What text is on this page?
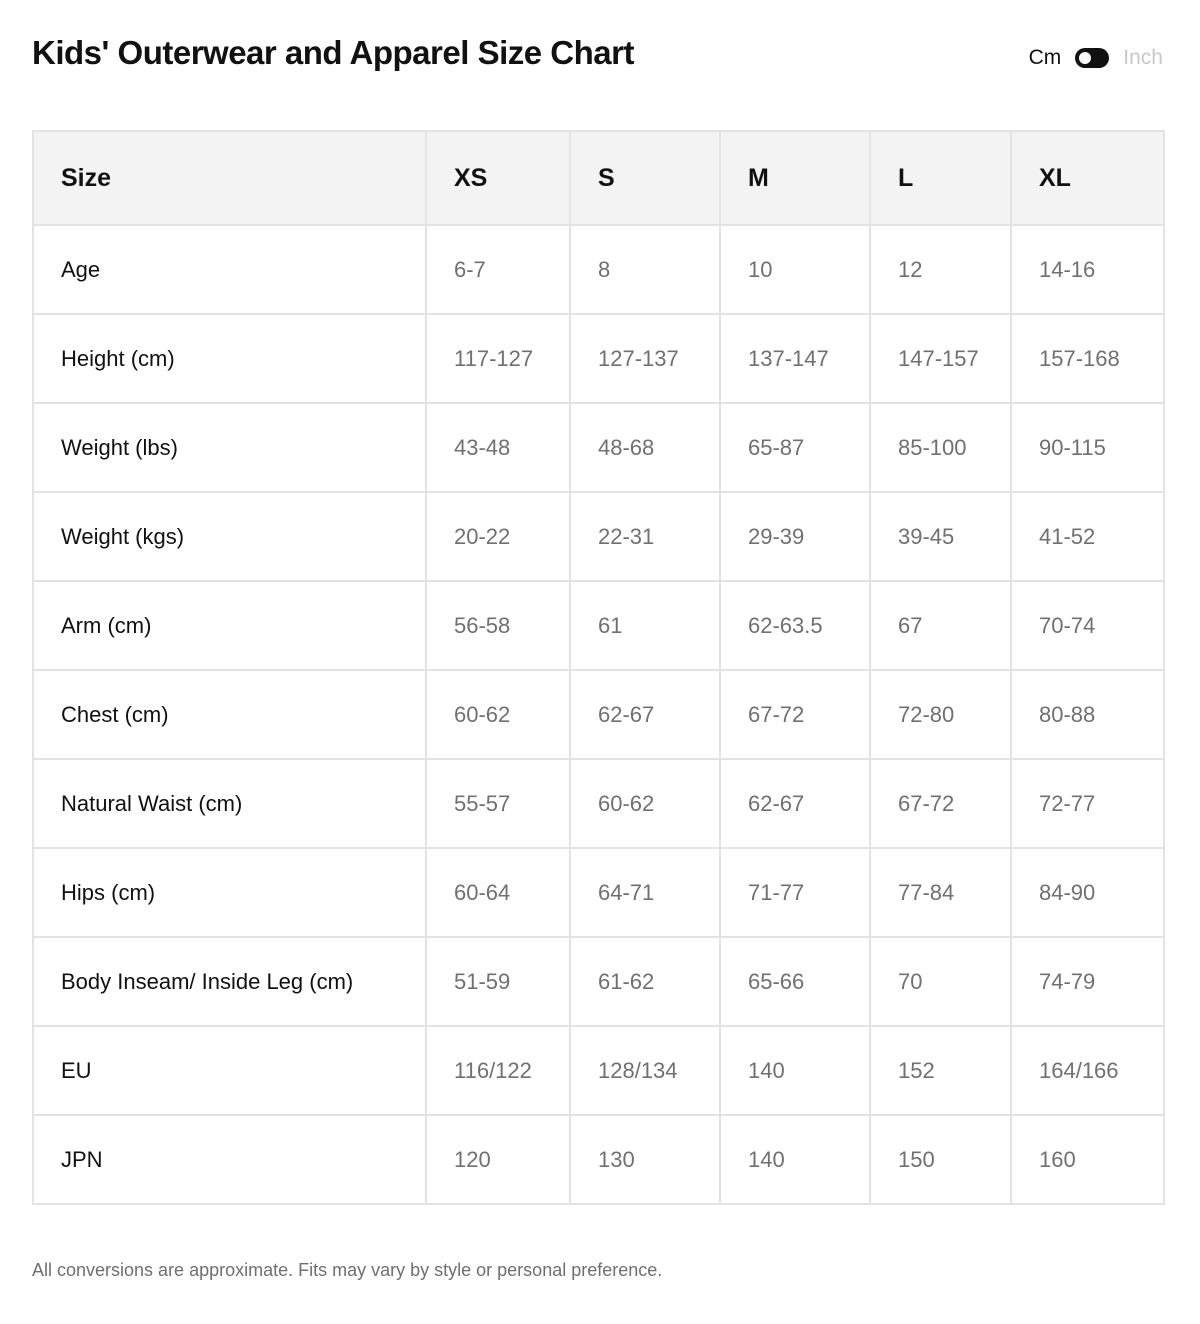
Kids' Outerwear and Apparel Size Chart	Cm	Inch
Size	XS	S	M	L	XL
Age	6-7	8	10	12	14-16
Height (cm)	117-127	127-137	137-147	147-157	157-168
Weight (lbs)	43-48	48-68	65-87	85-100	90-115
Weight (kgs)	20-22	22-31	29-39	39-45	41-52
Arm (cm)	56-58	61	62-63.5	67	70-74
Chest (cm)	60-62	62-67	67-72	72-80	80-88
Natural Waist (cm)	55-57	60-62	62-67	67-72	72-77
Hips (cm)	60-64	64-71	71-77	77-84	84-90
Body Inseam/ Inside Leg (cm)	51-59	61-62	65-66	70	74-79
EU	116/122	128/134	140	152	164/166
JPN	120	130	140	150	160

All conversions are approximate. Fits may vary by style or personal preference.
